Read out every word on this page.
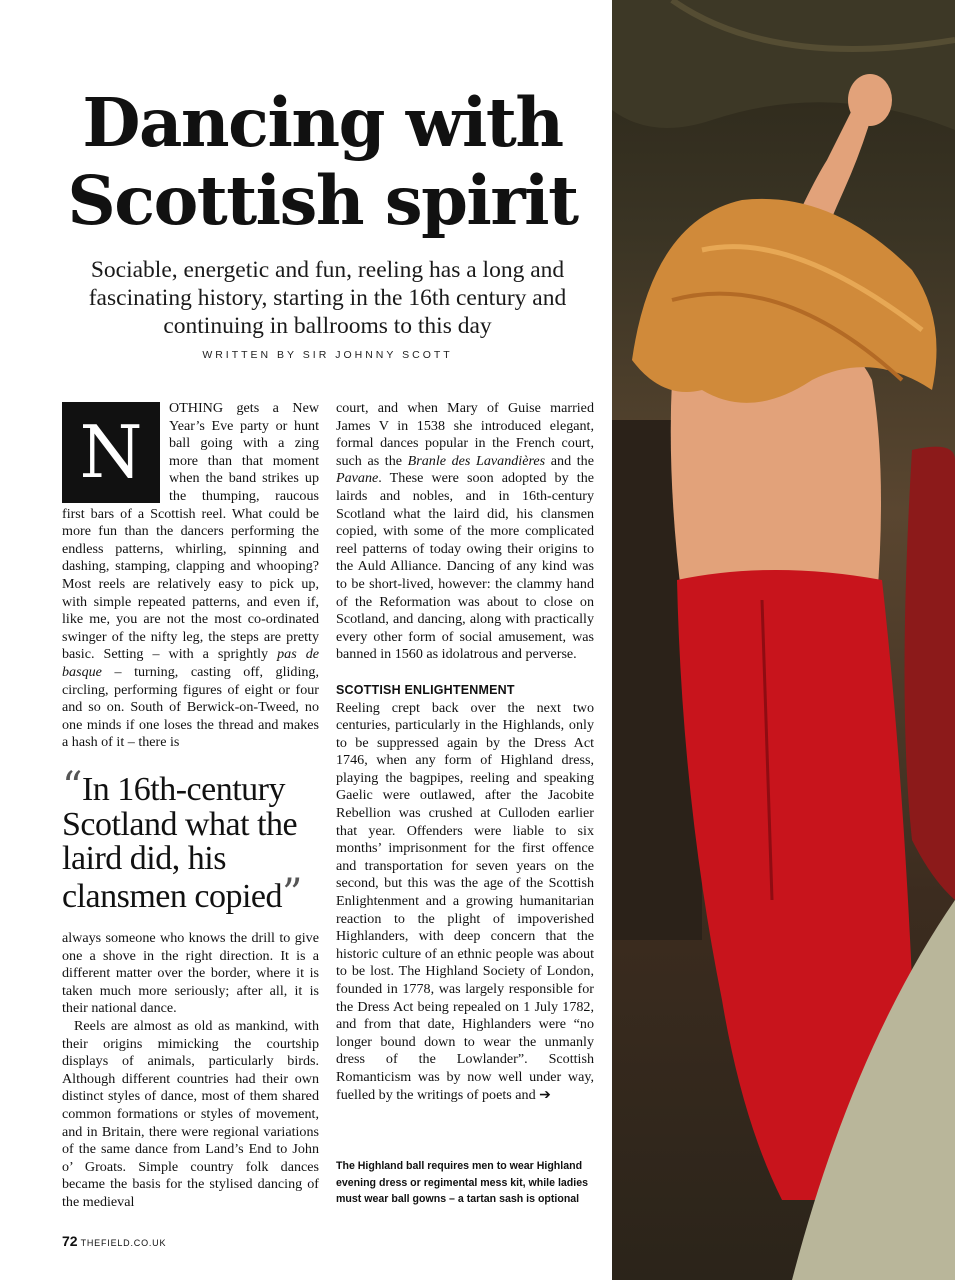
Dancing with Scottish spirit

Sociable, energetic and fun, reeling has a long and fascinating history, starting in the 16th century and continuing in ballrooms to this day

WRITTEN BY SIR JOHNNY SCOTT

N
OTHING gets a New Year’s Eve party or hunt ball going with a zing more than that moment when the band strikes up the thumping, raucous first bars of a Scottish reel. What could be more fun than the dancers performing the endless patterns, whirling, spinning and dashing, stamping, clapping and whooping? Most reels are relatively easy to pick up, with simple repeated patterns, and even if, like me, you are not the most co-ordinated swinger of the nifty leg, the steps are pretty basic. Setting – with a sprightly pas de basque – turning, casting off, gliding, circling, performing figures of eight or four and so on. South of Berwick-on-Tweed, no one minds if one loses the thread and makes a hash of it – there is

“In 16th-century Scotland what the laird did, his clansmen copied”

always someone who knows the drill to give one a shove in the right direction. It is a different matter over the border, where it is taken much more seriously; after all, it is their national dance.

Reels are almost as old as mankind, with their origins mimicking the courtship displays of animals, particularly birds. Although different countries had their own distinct styles of dance, most of them shared common formations or styles of movement, and in Britain, there were regional variations of the same dance from Land’s End to John o’ Groats. Simple country folk dances became the basis for the stylised dancing of the medieval

court, and when Mary of Guise married James V in 1538 she introduced elegant, formal dances popular in the French court, such as the Branle des Lavandières and the Pavane. These were soon adopted by the lairds and nobles, and in 16th-century Scotland what the laird did, his clansmen copied, with some of the more complicated reel patterns of today owing their origins to the Auld Alliance. Dancing of any kind was to be short-lived, however: the clammy hand of the Reformation was about to close on Scotland, and dancing, along with practically every other form of social amusement, was banned in 1560 as idolatrous and perverse.

SCOTTISH ENLIGHTENMENT

Reeling crept back over the next two centuries, particularly in the Highlands, only to be suppressed again by the Dress Act 1746, when any form of Highland dress, playing the bagpipes, reeling and speaking Gaelic were outlawed, after the Jacobite Rebellion was crushed at Culloden earlier that year. Offenders were liable to six months’ imprisonment for the first offence and transportation for seven years on the second, but this was the age of the Scottish Enlightenment and a growing humanitarian reaction to the plight of impoverished Highlanders, with deep concern that the historic culture of an ethnic people was about to be lost. The Highland Society of London, founded in 1778, was largely responsible for the Dress Act being repealed on 1 July 1782, and from that date, Highlanders were “no longer bound down to wear the unmanly dress of the Lowlander”. Scottish Romanticism was by now well under way, fuelled by the writings of poets and ➔

The Highland ball requires men to wear Highland evening dress or regimental mess kit, while ladies must wear ball gowns – a tartan sash is optional

72 THEFIELD.CO.UK
